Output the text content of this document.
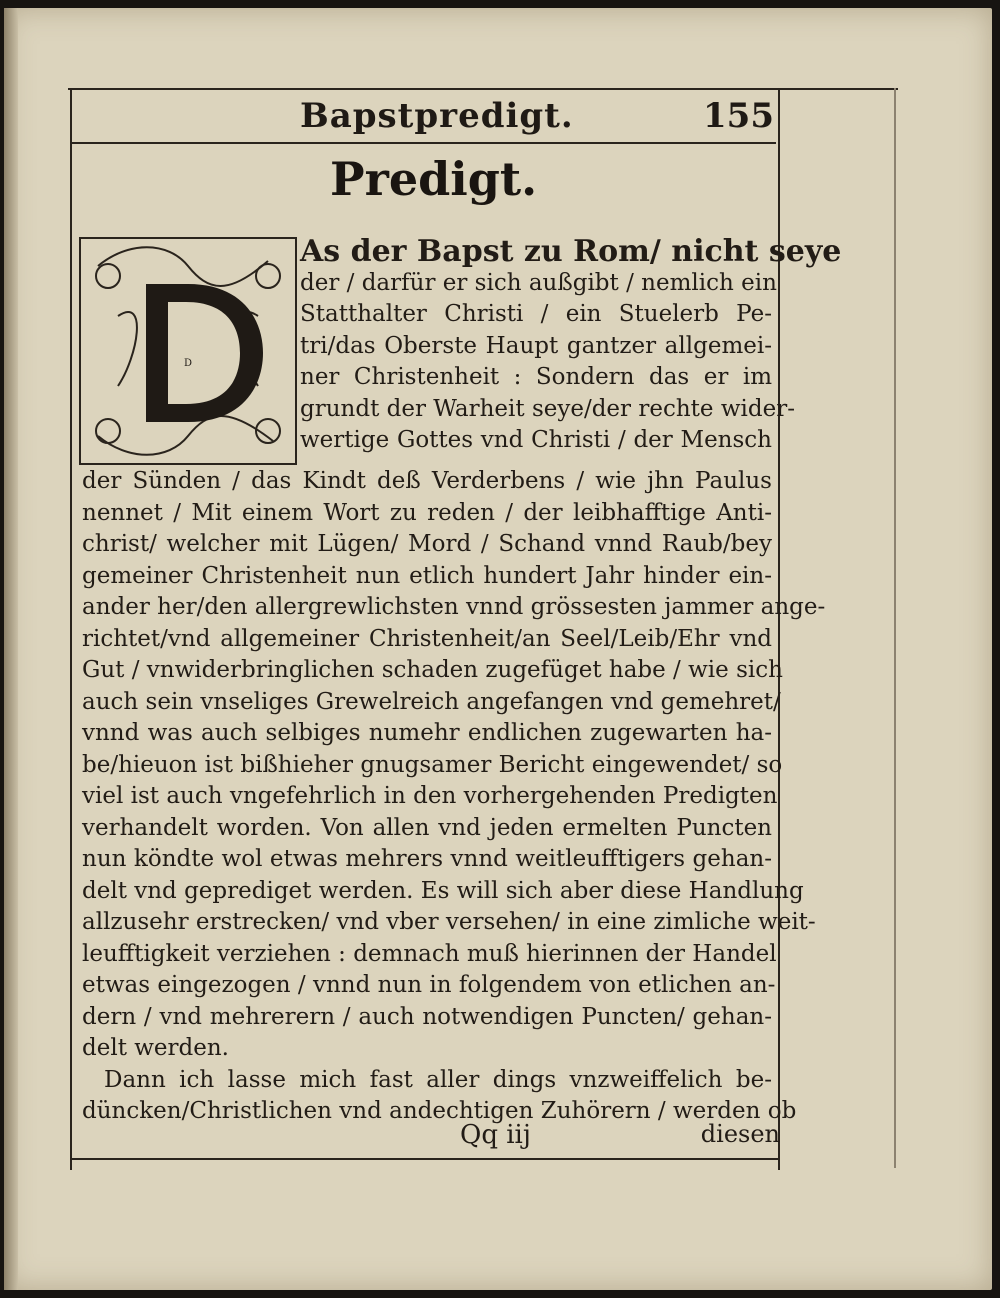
Bapstpredigt.	155
Predigt.
D
As der Bapst zu Rom/ nicht seye
der / darfür er sich außgibt / nemlich ein
Statthalter Christi / ein Stuelerb Pe-
tri/das Oberste Haupt gantzer allgemei-
ner Christenheit : Sondern das er im
grundt der Warheit seye/der rechte wider-
wertige Gottes vnd Christi / der Mensch
der Sünden / das Kindt deß Verderbens / wie jhn Paulus
nennet / Mit einem Wort zu reden / der leibhafftige Anti-
christ/ welcher mit Lügen/ Mord / Schand vnnd Raub/bey
gemeiner Christenheit nun etlich hundert Jahr hinder ein-
ander her/den allergrewlichsten vnnd grössesten jammer ange-
richtet/vnd allgemeiner Christenheit/an Seel/Leib/Ehr vnd
Gut / vnwiderbringlichen schaden zugefüget habe / wie sich
auch sein vnseliges Grewelreich angefangen vnd gemehret/
vnnd was auch selbiges numehr endlichen zugewarten ha-
be/hieuon ist bißhieher gnugsamer Bericht eingewendet/ so
viel ist auch vngefehrlich in den vorhergehenden Predigten
verhandelt worden. Von allen vnd jeden ermelten Puncten
nun köndte wol etwas mehrers vnnd weitleufftigers gehan-
delt vnd geprediget werden. Es will sich aber diese Handlung
allzusehr erstrecken/ vnd vber versehen/ in eine zimliche weit-
leufftigkeit verziehen : demnach muß hierinnen der Handel
etwas eingezogen / vnnd nun in folgendem von etlichen an-
dern / vnd mehrerern / auch notwendigen Puncten/ gehan-
delt werden.
Dann ich lasse mich fast aller dings vnzweiffelich be-
düncken/Christlichen vnd andechtigen Zuhörern / werden ob
Qq iij	diesen
